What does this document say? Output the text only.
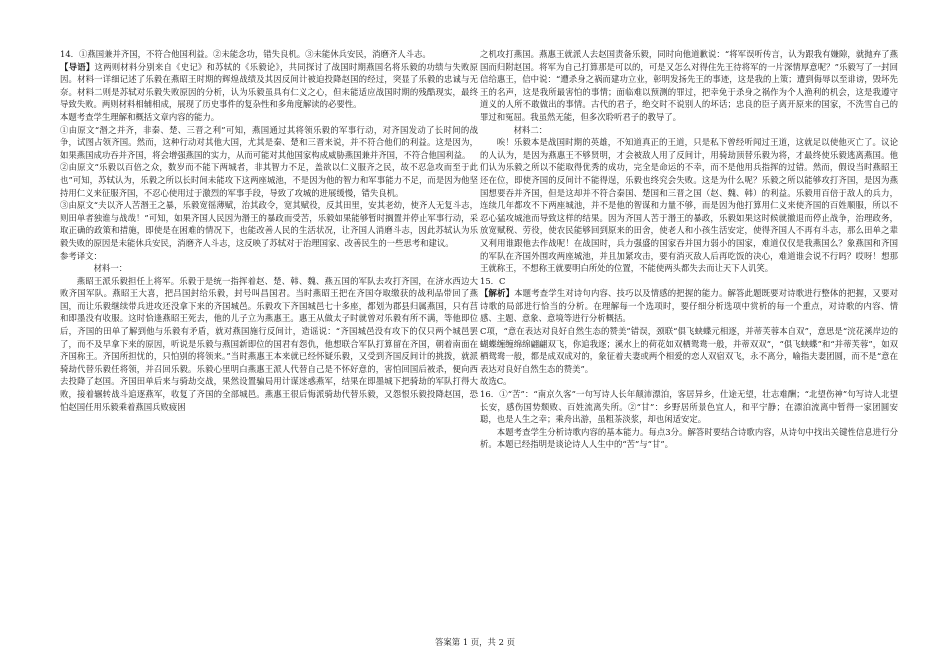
14．①燕国兼并齐国，不符合他国利益。②未能念功，错失良机。③未能休兵安民，消磨齐人斗志。

【导语】这两则材料分别来自《史记》和苏轼的《乐毅论》，共同探讨了战国时期燕国名将乐毅的功绩与失败原因。材料一详细记述了乐毅在燕昭王时期的辉煌战绩及其因反间计被迫投降赵国的经过，突显了乐毅的忠诚与无奈。材料二则是苏轼对乐毅失败原因的分析，认为乐毅虽具有仁义之心，但未能适应战国时期的残酷现实，最终导致失败。两则材料相辅相成，展现了历史事件的复杂性和多角度解读的必要性。

本题考查学生理解和概括文章内容的能力。

①由原文“湣之并齐，非秦、楚、三晋之利”可知，燕国通过其将领乐毅的军事行动，对齐国发动了长时间的战争，试图占领齐国。然而，这种行动对其他大国，尤其是秦、楚和三晋来说，并不符合他们的利益。这是因为，如果燕国成功吞并齐国，将会增强燕国的实力，从而可能对其他国家构成威胁燕国兼并齐国，不符合他国利益。

②由原文“乐毅以百倍之众，数岁而不能下两城者，非其智力不足，盖欲以仁义服齐之民，故不忍急攻而至于此也”可知，苏轼认为，乐毅之所以长时间未能攻下这两座城池，不是因为他的智力和军事能力不足，而是因为他坚持用仁义来征服齐国，不忍心使用过于激烈的军事手段，导致了攻城的进展缓慢，错失良机。

③由原文“夫以齐人苦湣王之暴，乐毅宽徭薄赋，治其政令，宽其赋役，反其田里，安其老幼，使齐人无复斗志，则田单者独谁与战哉！”可知，如果齐国人民因为湣王的暴政而受苦，乐毅如果能够暂时搁置并停止军事行动，采取正确的政策和措施，即使是在困难的情况下，也能改善人民的生活状况，让齐国人消磨斗志，因此苏轼认为乐毅失败的原因是未能休兵安民，消磨齐人斗志，这反映了苏轼对于治理国家、改善民生的一些思考和建议。

参考译文：

材料一：

燕昭王派乐毅担任上将军。乐毅于是统一指挥着赵、楚、韩、魏、燕五国的军队去攻打齐国，在济水西边大败齐国军队。燕昭王大喜，把吕国封给乐毅，封号叫昌国君。当时燕昭王把在齐国夺取缴获的战利品带回了燕国，而让乐毅继续带兵进攻还没拿下来的齐国城邑。乐毅攻下齐国城邑七十多座，都划为郡县归属燕国，只有莒和即墨没有收服。这时恰逢燕昭王死去，他的儿子立为燕惠王。惠王从做太子时就曾对乐毅有所不满，等他即位后，齐国的田单了解到他与乐毅有矛盾，就对燕国施行反间计，造谣说：“齐国城邑没有攻下的仅只两个城邑罢了，而不及早拿下来的原因，听说是乐毅与燕国新即位的国君有怨仇，他想联合军队打算留在齐国，朝着南面在齐国称王。齐国所担忧的，只怕别的将领来。”当时燕惠王本来就已经怀疑乐毅，又受到齐国反间计的挑拨，就派骑劫代替乐毅任将领，并召回乐毅。乐毅心里明白燕惠王派人代替自己是不怀好意的，害怕回国后被杀，便向西去投降了赵国。齐国田单后来与骑劫交战，果然设置骗局用计谋迷惑燕军，结果在即墨城下把骑劫的军队打得大败，接着辗转战斗追逐燕军，收复了齐国的全部城邑。燕惠王很后悔派骑劫代替乐毅，又怨恨乐毅投降赵国，恐怕赵国任用乐毅乘着燕国兵败疲困

之机攻打燕国。燕惠王就派人去赵国责备乐毅，同时向他道歉说：“将军误听传言，认为跟我有嫌隙，就抛弃了燕国而归附赵国。将军为自己打算那是可以的，可是又怎么对得住先王待将军的一片深情厚意呢？”乐毅写了一封回信给惠王，信中说：“遭杀身之祸而建功立业，彰明发扬先王的事迹，这是我的上策；遭到侮辱以至诽谤，毁坏先王的名声，这是我所最害怕的事情；面临难以预测的罪过，把幸免于杀身之祸作为个人渔利的机会，这是我遵守道义的人所不敢做出的事情。古代的君子，绝交时不说别人的坏话；忠良的臣子离开原来的国家，不洗雪自己的罪过和冤屈。我虽然无能，但多次聆听君子的教导了。

材料二：

唉！乐毅本是战国时期的英雄，不知道真正的王道，只是私下曾经听闻过王道，这就足以使他灭亡了。议论的人认为，是因为燕惠王不够贤明，才会被敌人用了反间计，用骑劫顶替乐毅为将，才最终使乐毅逃离燕国。他们认为乐毅之所以不能取得优秀的成功，完全是命运的不幸，而不是他用兵指挥的过错。然而，假设当时燕昭王还在位，即使齐国的反间计不能得逞，乐毅也终究会失败。这是为什么呢？乐毅之所以能够攻打齐国，是因为燕国想要吞并齐国，但是这却并不符合秦国、楚国和三晋之国（赵、魏、韩）的利益。乐毅用百倍于敌人的兵力，连续几年都攻不下两座城池，并不是他的智谋和力量不够，而是因为他打算用仁义来使齐国的百姓顺服，所以不忍心猛攻城池而导致这样的结果。因为齐国人苦于湣王的暴政，乐毅如果这时候就撤退而停止战争，治理政务，放宽赋税、劳役，使农民能够回到原来的田舍，使老人和小孩生活安定，使得齐国人不再有斗志，那么田单之辈又利用谁跟他去作战呢！在战国时，兵力强盛的国家吞并国力弱小的国家，难道仅仅是我燕国么？象燕国和齐国的军队在齐国外围攻两座城池，并且加紧攻击，要有消灭敌人后再吃饭的决心，难道谁会说不行吗？哎呀！想那王就称王，不想称王就要明白所处的位置，不能使两头都失去而让天下人讥笑。

15．C

【解析】本题考查学生对诗句内容、技巧以及情感的把握的能力。解答此题既要对诗歌进行整体的把握，又要对诗歌的局部进行恰当的分析。在理解每一个选项时，要仔细分析选项中赏析的每一个重点，对诗歌的内容、情感、主题、意象、意境等进行分析概括。

C项，“意在表达对良好自然生态的赞美”错误，颈联“俱飞蛱蝶元相逐，并蒂芙蓉本自双”，意思是“浣花溪岸边的蝴蝶缠缠绵绵翩翩双飞，你追我逐；溪水上的荷花如双栖鸳鸯一般，并蒂双双”，“俱飞蛱蝶”和“并蒂芙蓉”，如双栖鸳鸯一般，都是成双成对的，象征着夫妻或两个相爱的恋人双宿双飞，永不离分，喻指夫妻团圆，而不是“意在表达对良好自然生态的赞美”。

故选C。

16．①“苦”：“南京久客”一句写诗人长年颠沛漂泊，客居异乡，仕途无望，壮志难酬；“北望伤神”句写诗人北望长安，感伤国势颓败、百姓流离失所。②“甘”：乡野居所景色宜人，和平宁静；在漂泊流离中暂得一家团圆安聪，也是人生之幸；乘舟出游，虽粗茶淡浆，却也闲适安定。

本题考查学生分析诗歌内容的基本能力。每点3分。解答时要结合诗歌内容，从诗句中找出关键性信息进行分析。本题已经指明是谈论诗人人生中的“苦”与“甘”。

答案第 1 页，共 2 页
